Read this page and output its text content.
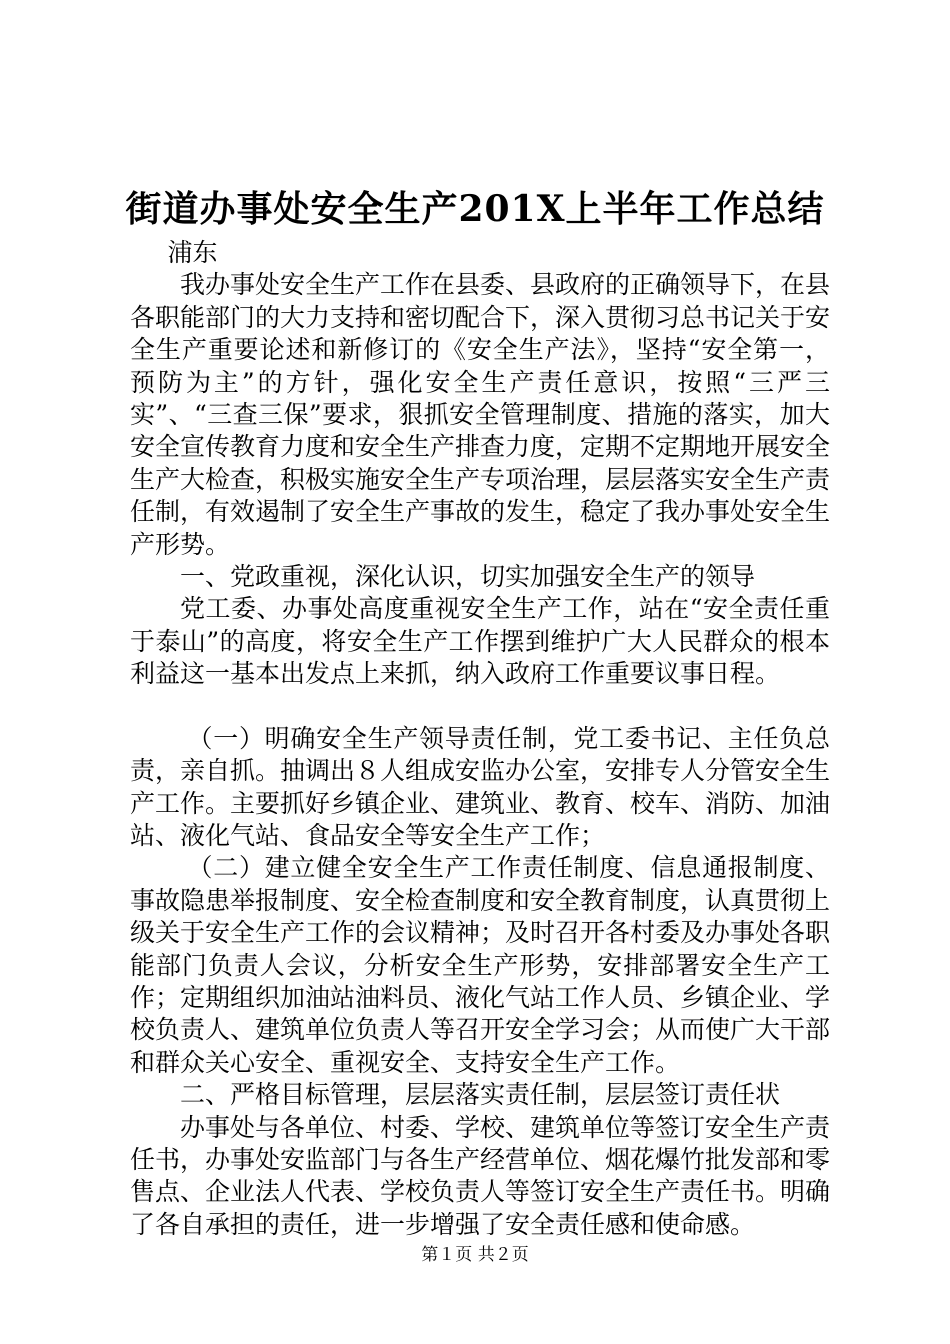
街道办事处安全生产201X上半年工作总结

浦东

我办事处安全生产工作在县委、县政府的正确领导下，在县各职能部门的大力支持和密切配合下，深入贯彻习总书记关于安全生产重要论述和新修订的《安全生产法》，坚持“安全第一，预防为主”的方针，强化安全生产责任意识，按照“三严三实”、“三查三保”要求，狠抓安全管理制度、措施的落实，加大安全宣传教育力度和安全生产排查力度，定期不定期地开展安全生产大检查，积极实施安全生产专项治理，层层落实安全生产责任制，有效遏制了安全生产事故的发生，稳定了我办事处安全生产形势。

一、党政重视，深化认识，切实加强安全生产的领导

党工委、办事处高度重视安全生产工作，站在“安全责任重于泰山”的高度，将安全生产工作摆到维护广大人民群众的根本利益这一基本出发点上来抓，纳入政府工作重要议事日程。

（一）明确安全生产领导责任制，党工委书记、主任负总责，亲自抓。抽调出８人组成安监办公室，安排专人分管安全生产工作。主要抓好乡镇企业、建筑业、教育、校车、消防、加油站、液化气站、食品安全等安全生产工作；

（二）建立健全安全生产工作责任制度、信息通报制度、事故隐患举报制度、安全检查制度和安全教育制度，认真贯彻上级关于安全生产工作的会议精神；及时召开各村委及办事处各职能部门负责人会议，分析安全生产形势，安排部署安全生产工作；定期组织加油站油料员、液化气站工作人员、乡镇企业、学校负责人、建筑单位负责人等召开安全学习会；从而使广大干部和群众关心安全、重视安全、支持安全生产工作。

二、严格目标管理，层层落实责任制，层层签订责任状

办事处与各单位、村委、学校、建筑单位等签订安全生产责任书，办事处安监部门与各生产经营单位、烟花爆竹批发部和零售点、企业法人代表、学校负责人等签订安全生产责任书。明确了各自承担的责任，进一步增强了安全责任感和使命感。

第１页 共２页
